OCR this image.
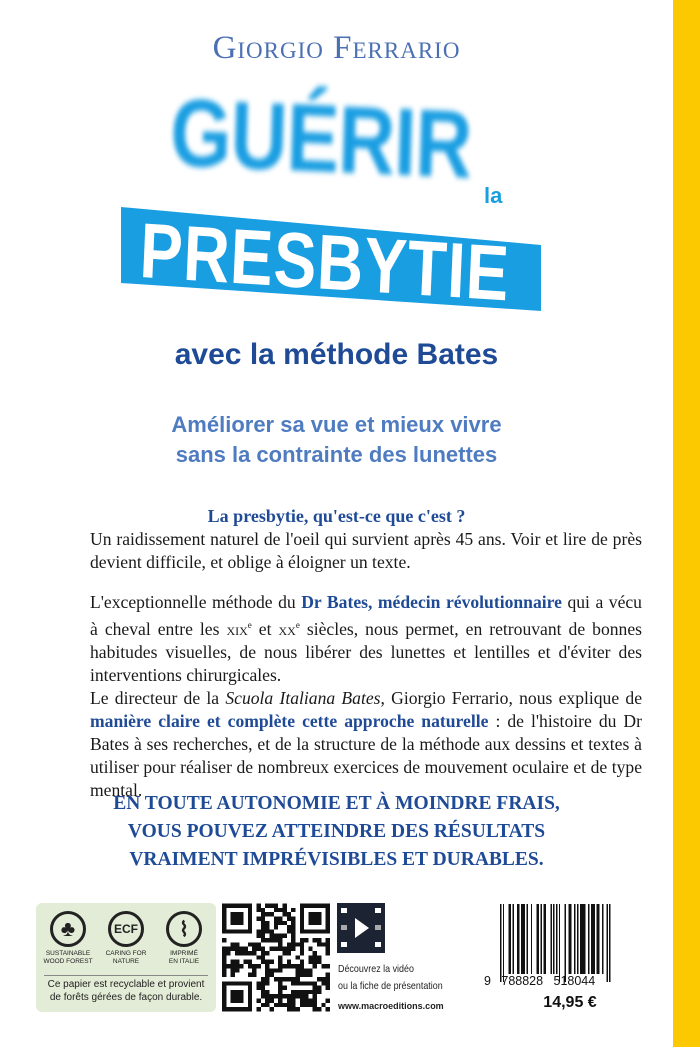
Giorgio Ferrario
GUÉRIR la
PRESBYTIE
avec la méthode Bates
Améliorer sa vue et mieux vivre
sans la contrainte des lunettes
La presbytie, qu'est-ce que c'est ?
Un raidissement naturel de l'oeil qui survient après 45 ans. Voir et lire de près devient difficile, et oblige à éloigner un texte.
L'exceptionnelle méthode du Dr Bates, médecin révolutionnaire qui a vécu à cheval entre les xix$^e$ et $xx^e$ siècles, nous permet, en retrouvant de bonnes habitudes visuelles, de nous libérer des lunettes et lentilles et d'éviter des interventions chirurgicales.
Le directeur de la Scuola Italiana Bates, Giorgio Ferrario, nous explique de manière claire et complète cette approche naturelle : de l'histoire du Dr Bates à ses recherches, et de la structure de la méthode aux dessins et textes à utiliser pour réaliser de nombreux exercices de mouvement oculaire et de type mental.
EN TOUTE AUTONOMIE ET À MOINDRE FRAIS,
VOUS POUVEZ ATTEINDRE DES RÉSULTATS
VRAIMENT IMPRÉVISIBLES ET DURABLES.
♣
SUSTAINABLE
WOOD FOREST
ECF
CARING FOR
NATURE
⌇
IMPRIMÉ
EN ITALIE
Ce papier est recyclable et provient
de forêts gérées de façon durable.
Découvrez la vidéo
ou la fiche de présentation
www.macroeditions.com
9   788828   518044
14,95 €
